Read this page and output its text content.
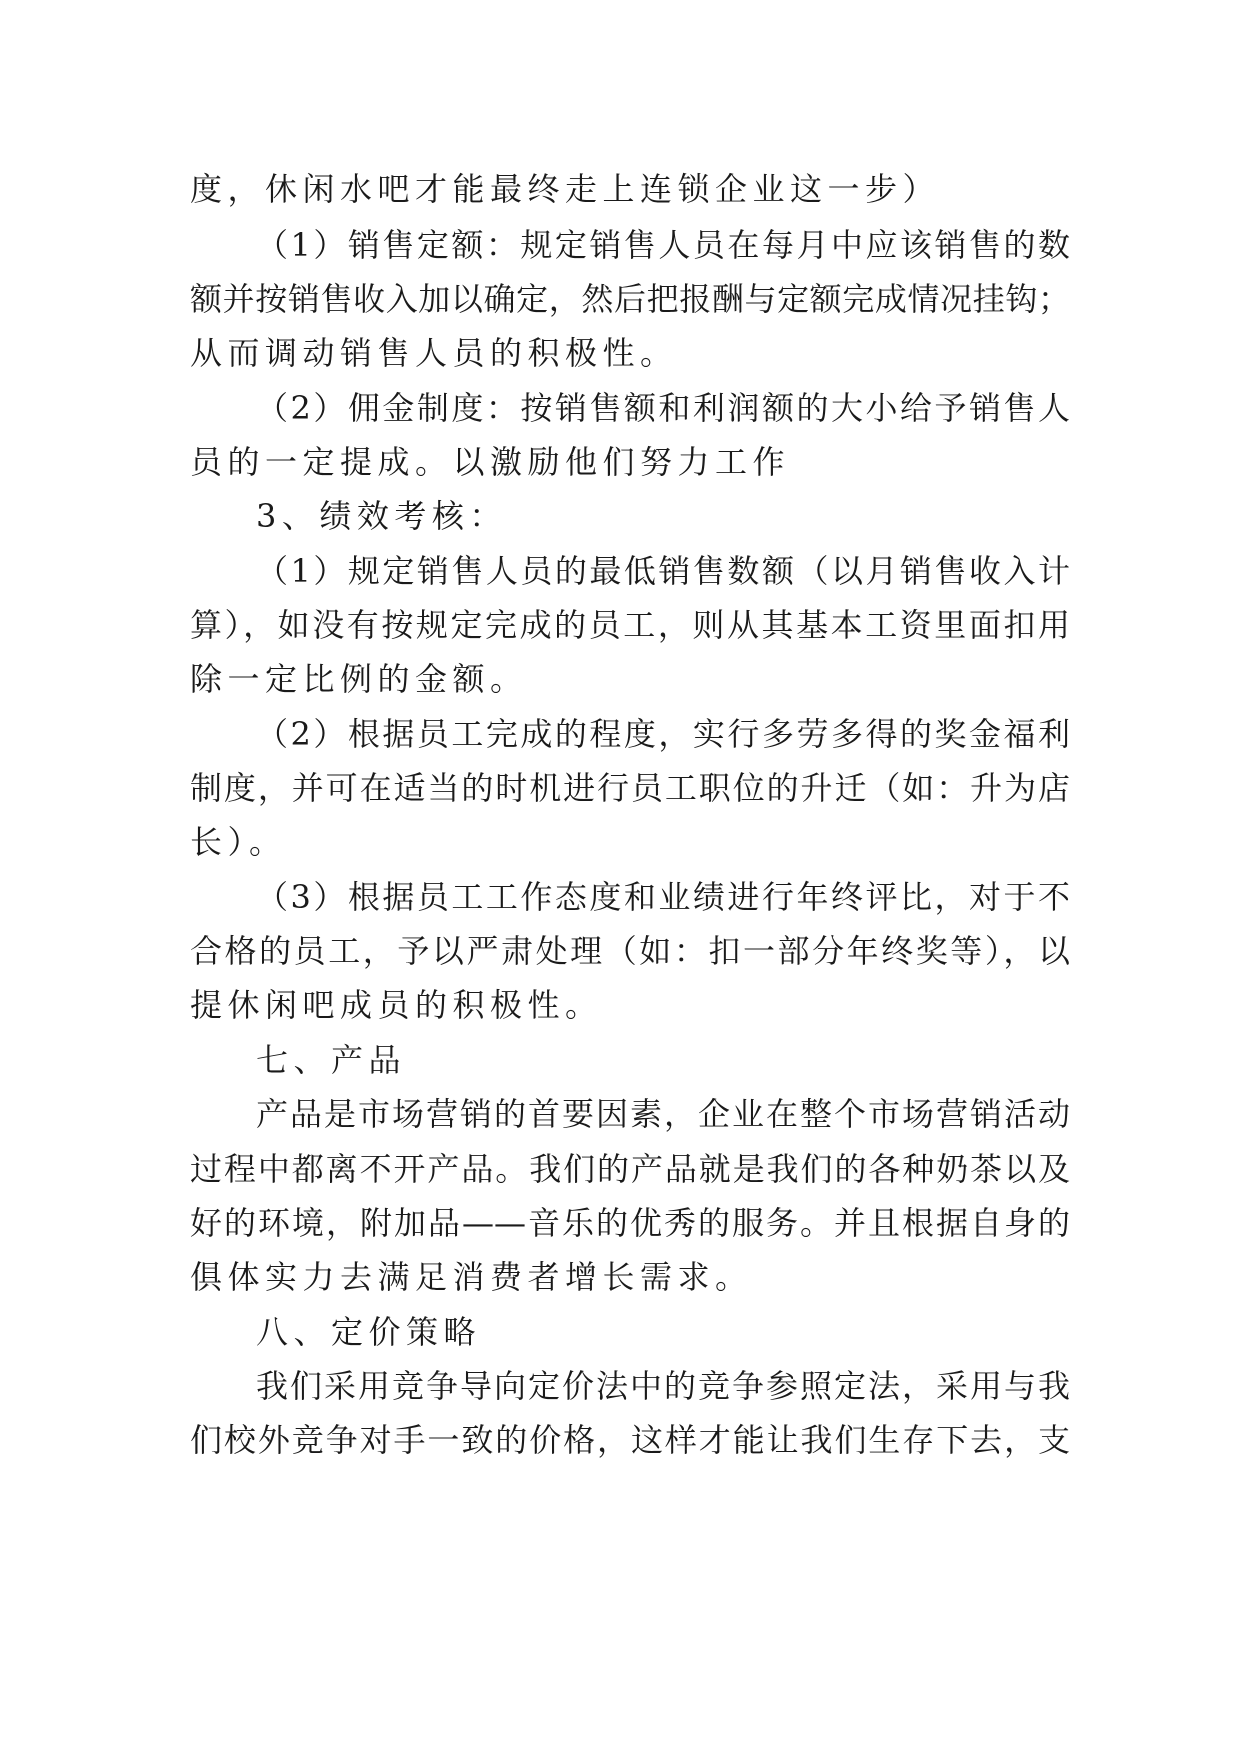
度，休闲水吧才能最终走上连锁企业这一步）
（1）销售定额：规定销售人员在每月中应该销售的数
额并按销售收入加以确定，然后把报酬与定额完成情况挂钩；
从而调动销售人员的积极性。
（2）佣金制度：按销售额和利润额的大小给予销售人
员的一定提成。以激励他们努力工作
3、绩效考核：
（1）规定销售人员的最低销售数额（以月销售收入计
算），如没有按规定完成的员工，则从其基本工资里面扣用
除一定比例的金额。
（2）根据员工完成的程度，实行多劳多得的奖金福利
制度，并可在适当的时机进行员工职位的升迁（如：升为店
长）。
（3）根据员工工作态度和业绩进行年终评比，对于不
合格的员工，予以严肃处理（如：扣一部分年终奖等），以
提休闲吧成员的积极性。
七、产品
产品是市场营销的首要因素，企业在整个市场营销活动
过程中都离不开产品。我们的产品就是我们的各种奶茶以及
好的环境，附加品——音乐的优秀的服务。并且根据自身的
俱体实力去满足消费者增长需求。
八、定价策略
我们采用竞争导向定价法中的竞争参照定法，采用与我
们校外竞争对手一致的价格，这样才能让我们生存下去，支
